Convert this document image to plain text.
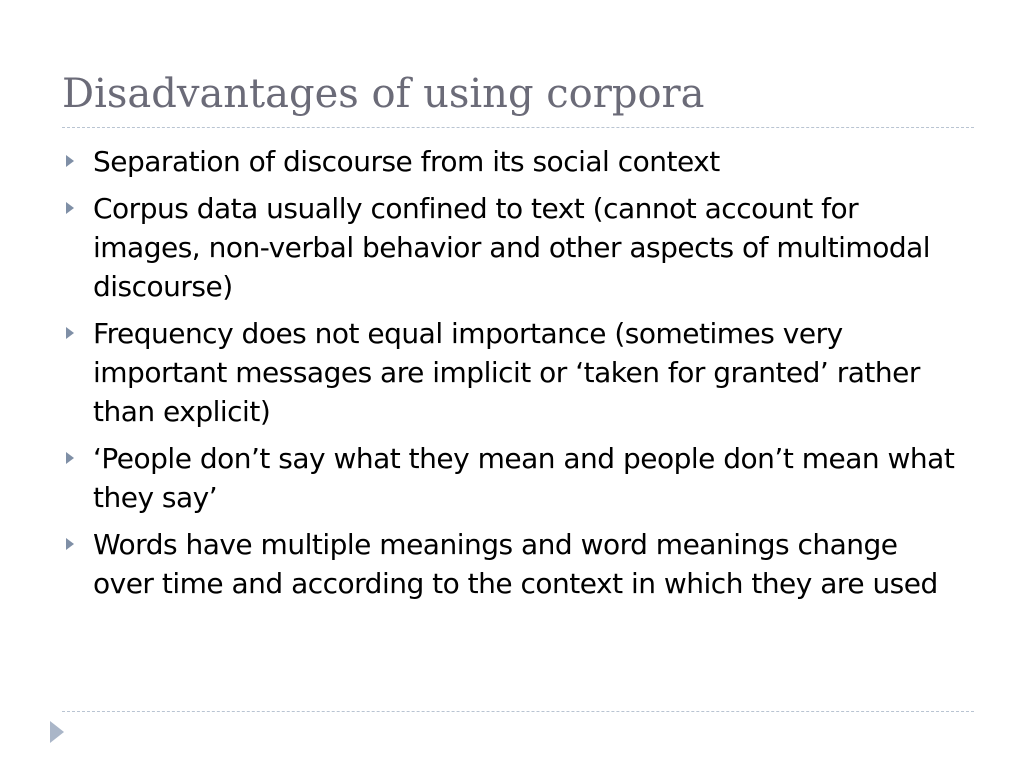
Disadvantages of using corpora
Separation of discourse from its social context
Corpus data usually confined to text (cannot account for images, non-verbal behavior and other aspects of multimodal discourse)
Frequency does not equal importance (sometimes very important messages are implicit or ‘taken for granted’ rather than explicit)
‘People don’t say what they mean and people don’t mean what they say’
Words have multiple meanings and word meanings change over time and according to the context in which they are used
